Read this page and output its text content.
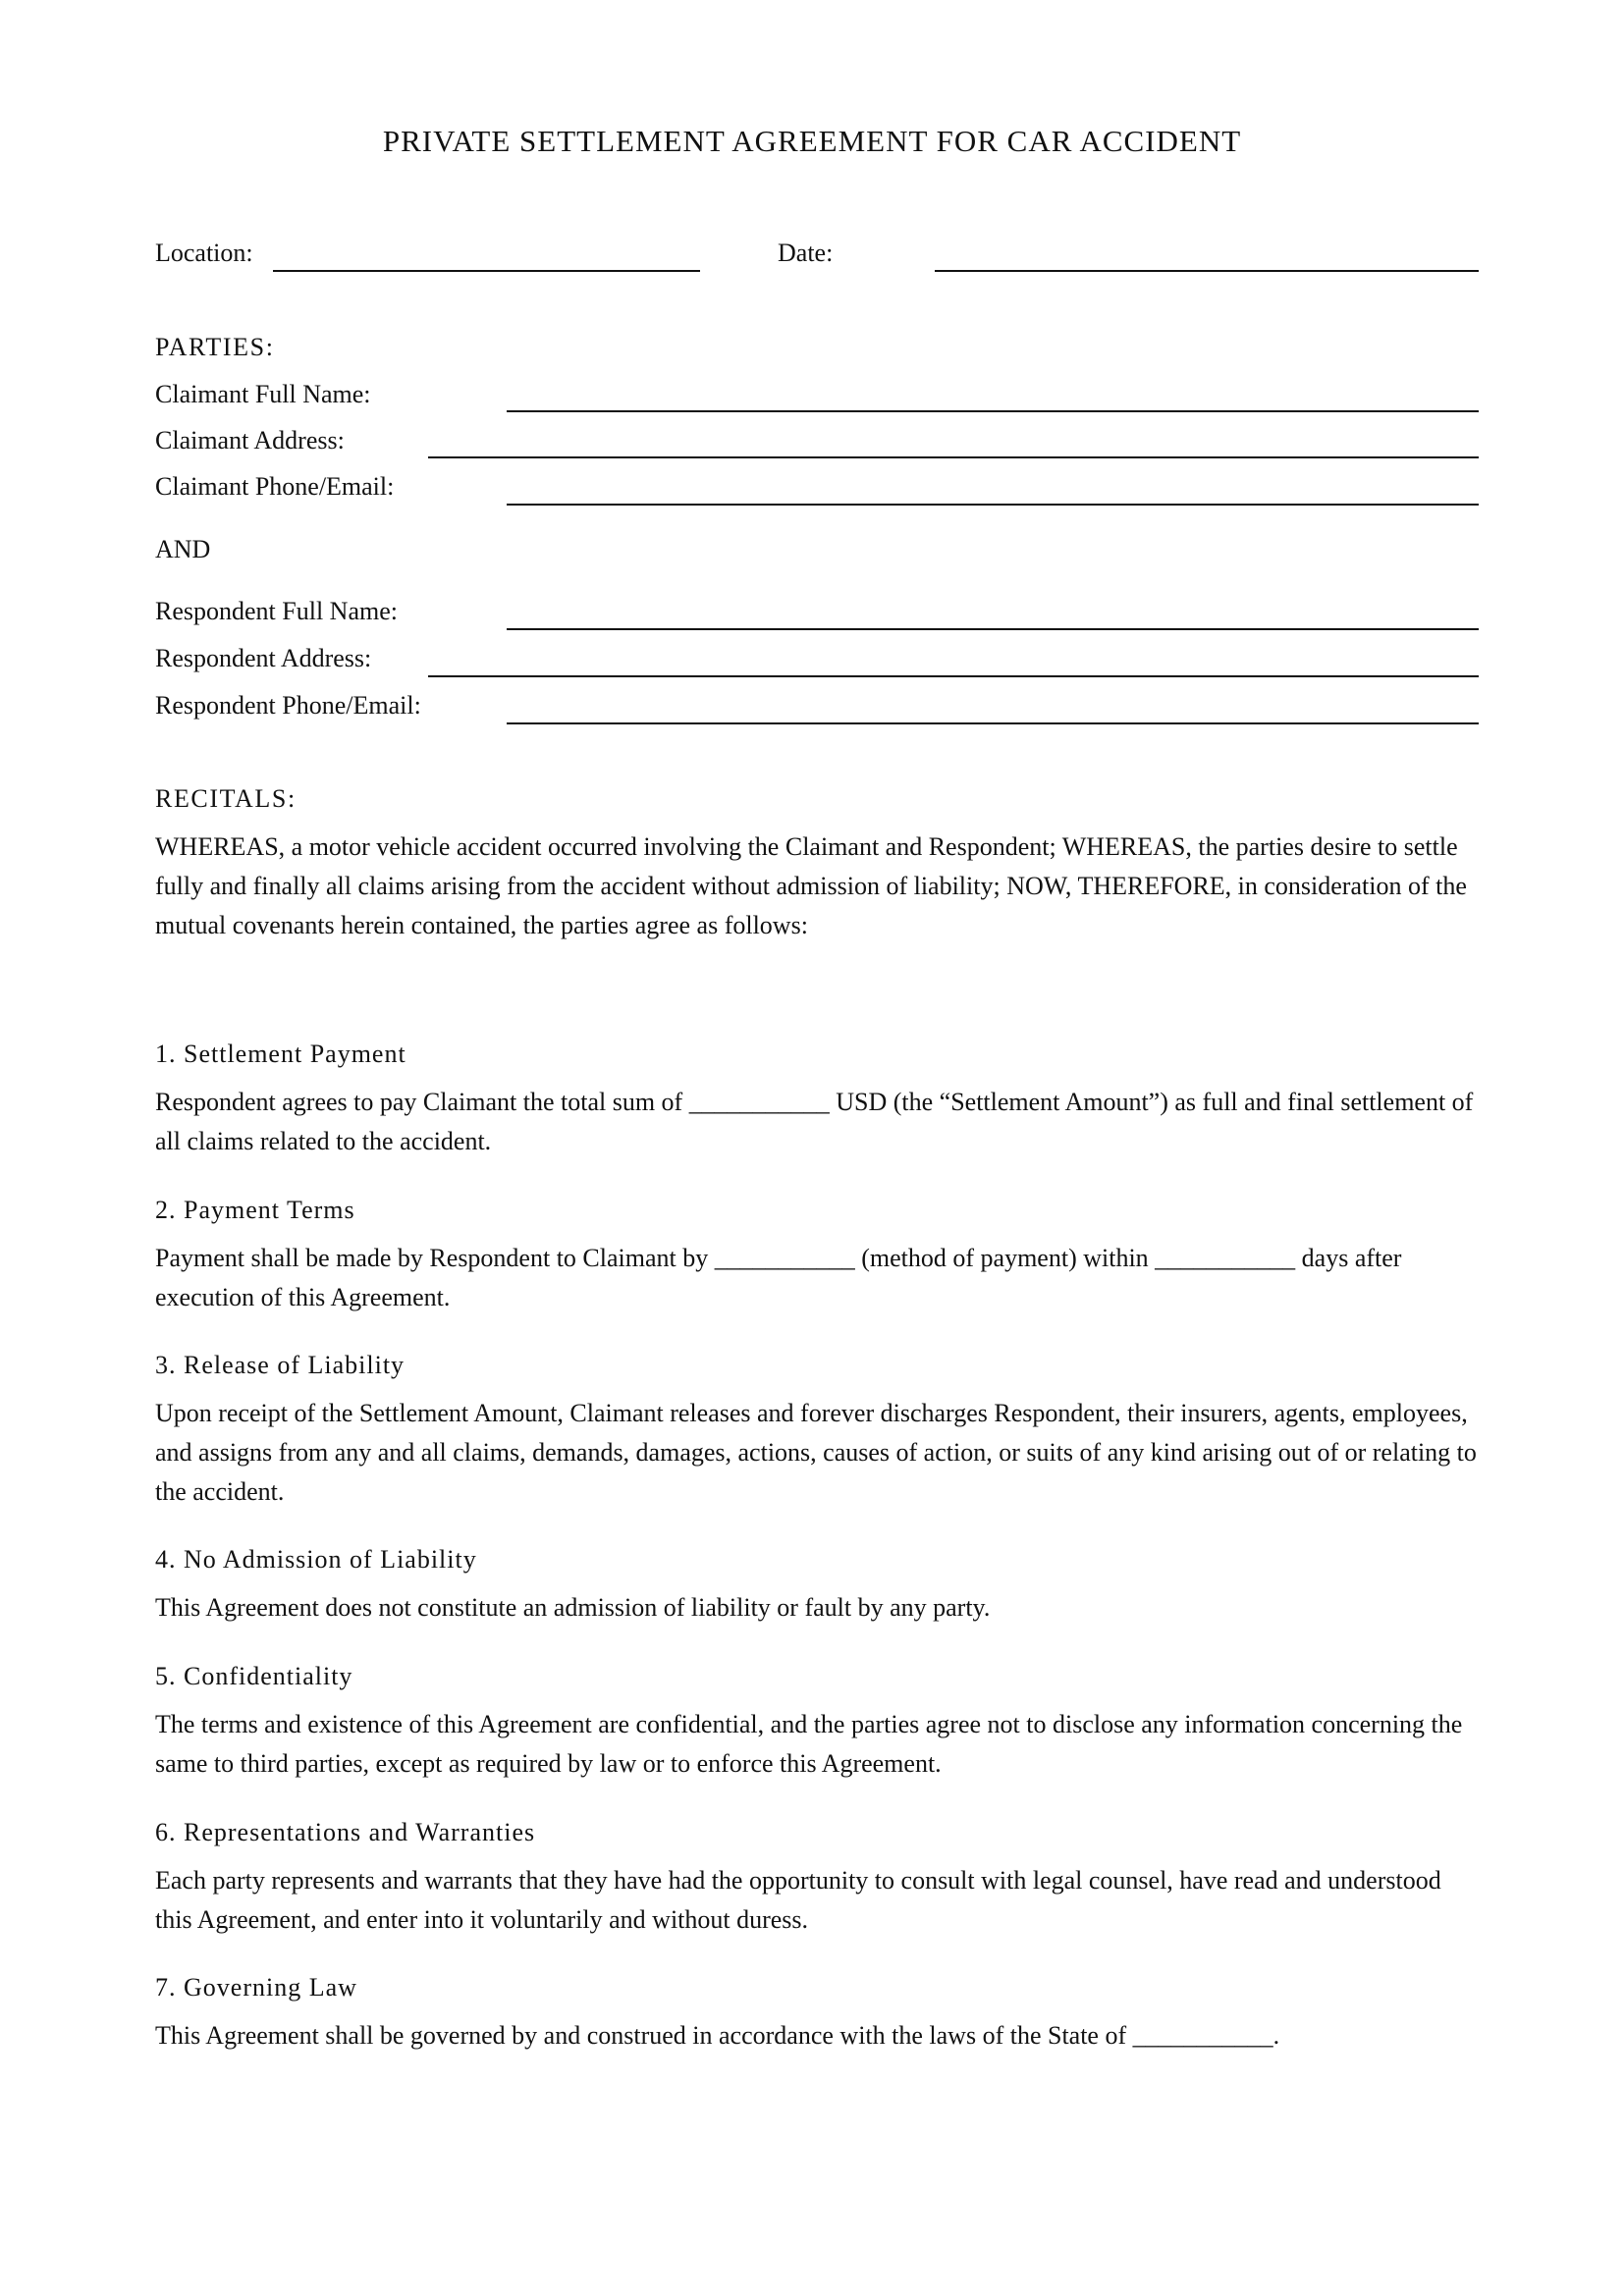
PRIVATE SETTLEMENT AGREEMENT FOR CAR ACCIDENT
Location:	Date:
PARTIES:
Claimant Full Name:
Claimant Address:
Claimant Phone/Email:
AND
Respondent Full Name:
Respondent Address:
Respondent Phone/Email:
RECITALS:
WHEREAS, a motor vehicle accident occurred involving the Claimant and Respondent; WHEREAS, the parties desire to settle fully and finally all claims arising from the accident without admission of liability; NOW, THEREFORE, in consideration of the mutual covenants herein contained, the parties agree as follows:
1. Settlement Payment
Respondent agrees to pay Claimant the total sum of ___________ USD (the “Settlement Amount”) as full and final settlement of all claims related to the accident.
2. Payment Terms
Payment shall be made by Respondent to Claimant by ___________ (method of payment) within ___________ days after execution of this Agreement.
3. Release of Liability
Upon receipt of the Settlement Amount, Claimant releases and forever discharges Respondent, their insurers, agents, employees, and assigns from any and all claims, demands, damages, actions, causes of action, or suits of any kind arising out of or relating to the accident.
4. No Admission of Liability
This Agreement does not constitute an admission of liability or fault by any party.
5. Confidentiality
The terms and existence of this Agreement are confidential, and the parties agree not to disclose any information concerning the same to third parties, except as required by law or to enforce this Agreement.
6. Representations and Warranties
Each party represents and warrants that they have had the opportunity to consult with legal counsel, have read and understood this Agreement, and enter into it voluntarily and without duress.
7. Governing Law
This Agreement shall be governed by and construed in accordance with the laws of the State of ___________.
